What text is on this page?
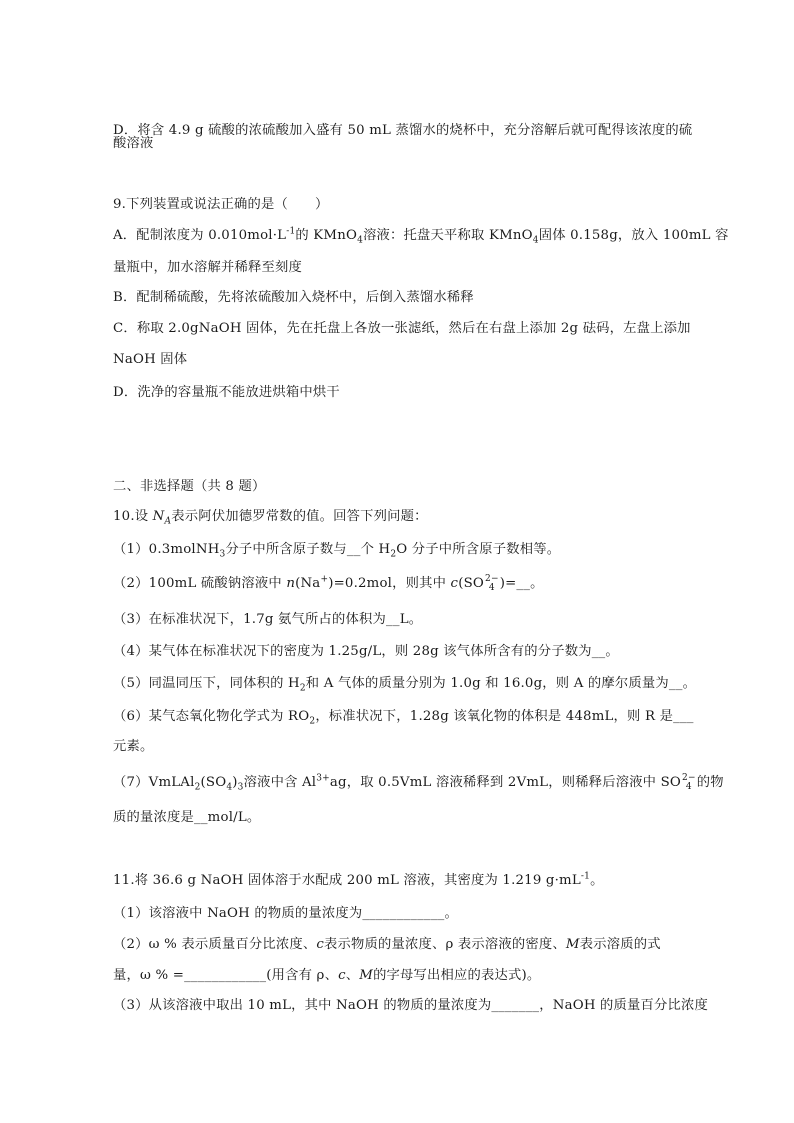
D．将含 4.9 g 硫酸的浓硫酸加入盛有 50 mL 蒸馏水的烧杯中，充分溶解后就可配得该浓度的硫
酸溶液
9.下列装置或说法正确的是（　　）
A．配制浓度为 $0.010mol\cdot L^{-1}$的 KMnO$_4$溶液：托盘天平称取 KMnO$_4$固体 0.158g，放入 100mL 容
量瓶中，加水溶解并稀释至刻度
B．配制稀硫酸，先将浓硫酸加入烧杯中，后倒入蒸馏水稀释
C．称取 2.0gNaOH 固体，先在托盘上各放一张滤纸，然后在右盘上添加 2g 砝码，左盘上添加
NaOH 固体
D．洗净的容量瓶不能放进烘箱中烘干
二、非选择题（共 8 题）
10.设 $N_A$表示阿伏加德罗常数的值。回答下列问题：
（1）0.3molNH$_3$分子中所含原子数与__个 $H_2O$ 分子中所含原子数相等。
（2）100mL 硫酸钠溶液中 n(Na+)=0.2mol，则其中 c(SO 2−
4 )=__。
（3）在标准状况下，1.7g 氨气所占的体积为__L。
（4）某气体在标准状况下的密度为 1.25g/L，则 28g 该气体所含有的分子数为__。
（5）同温同压下，同体积的 $H_2$和 A 气体的质量分别为 1.0g 和 16.0g，则 A 的摩尔质量为__。
（6）某气态氧化物化学式为 $RO_2$，标准状况下，1.28g 该氧化物的体积是 448mL，则 R 是___
元素。
$(7)VmLAl_2(SO_4)_3$溶液中含 $Al^{3+}ag$，取 0.5VmL 溶液稀释到 2VmL，则稀释后溶液中 SO 2−
4 的物
质的量浓度是__mol/L。
11.将 36.6 g NaOH 固体溶于水配成 200 mL 溶液，其密度为 1.219 $g\cdot mL^{-1}$。
（1）该溶液中 NaOH 的物质的量浓度为____________。
（2）ω % 表示质量百分比浓度、c表示物质的量浓度、ρ 表示溶液的密度、M表示溶质的式
量，ω % =____________(用含有 ρ、c、M的字母写出相应的表达式)。
（3）从该溶液中取出 10 mL，其中 NaOH 的物质的量浓度为_______，NaOH 的质量百分比浓度
